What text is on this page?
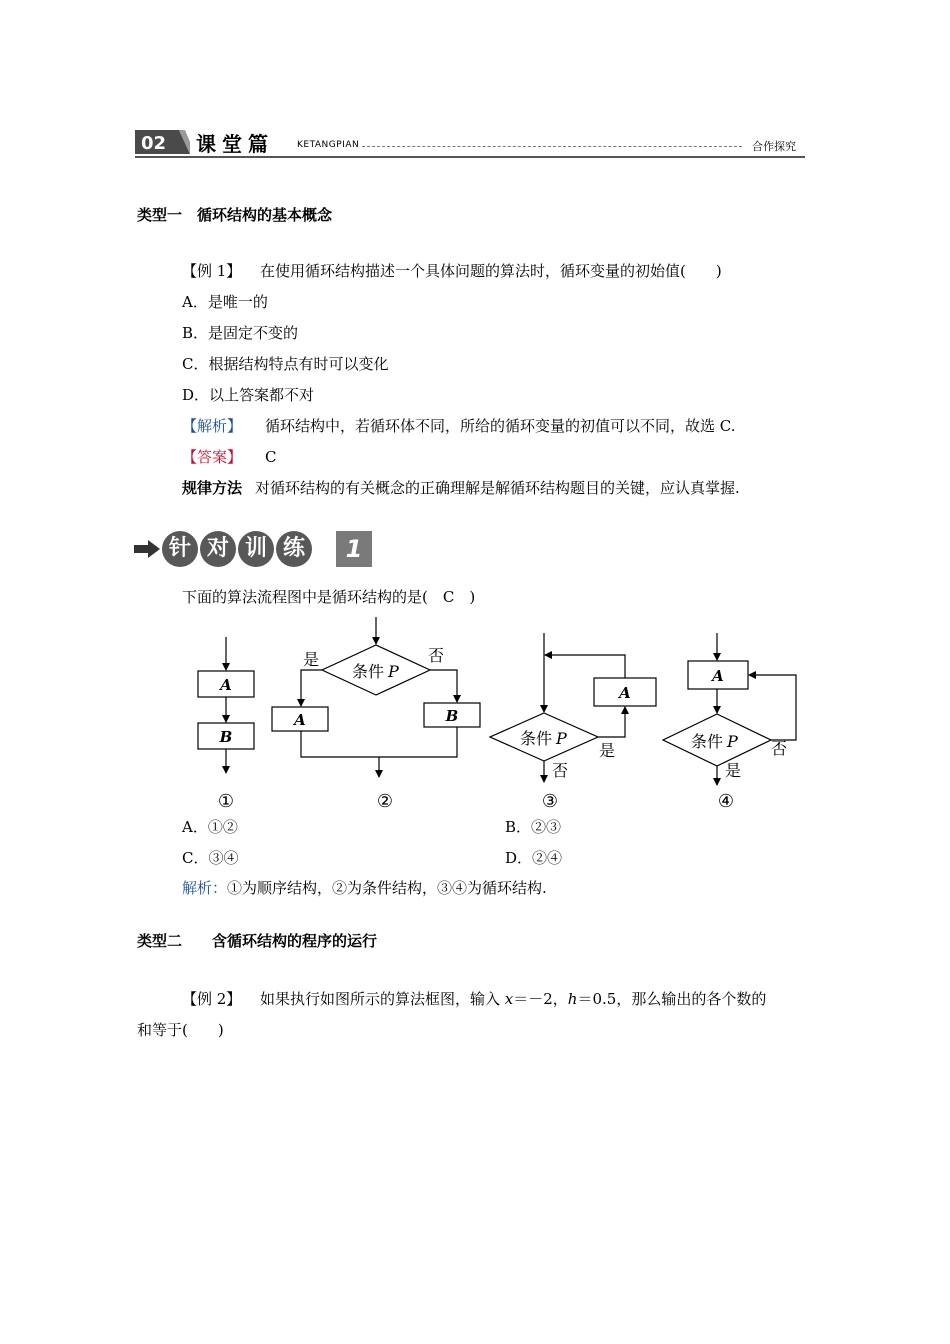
02 课堂篇	KETANGPIAN	合作探究
类型一　循环结构的基本概念
【例 1】 在使用循环结构描述一个具体问题的算法时，循环变量的初始值(　　)
A．是唯一的
B．是固定不变的
C．根据结构特点有时可以变化
D．以上答案都不对
【解析】 循环结构中，若循环体不同，所给的循环变量的初值可以不同，故选 C.
【答案】 C
规律方法 对循环结构的有关概念的正确理解是解循环结构题目的关键，应认真掌握.
针 对 训 练	1
下面的算法流程图中是循环结构的是(　C　)
A
B
A	B
A
A
条件 P
条件 P	条件 P
是	否
是
否
否
是
①	②	③	④
A．①②	B．②③
C．③④	D．②④
解析：①为顺序结构，②为条件结构，③④为循环结构.
类型二　　含循环结构的程序的运行
【例 2】 如果执行如图所示的算法框图，输入 x＝－2，h＝0.5，那么输出的各个数的
和等于(　　)
